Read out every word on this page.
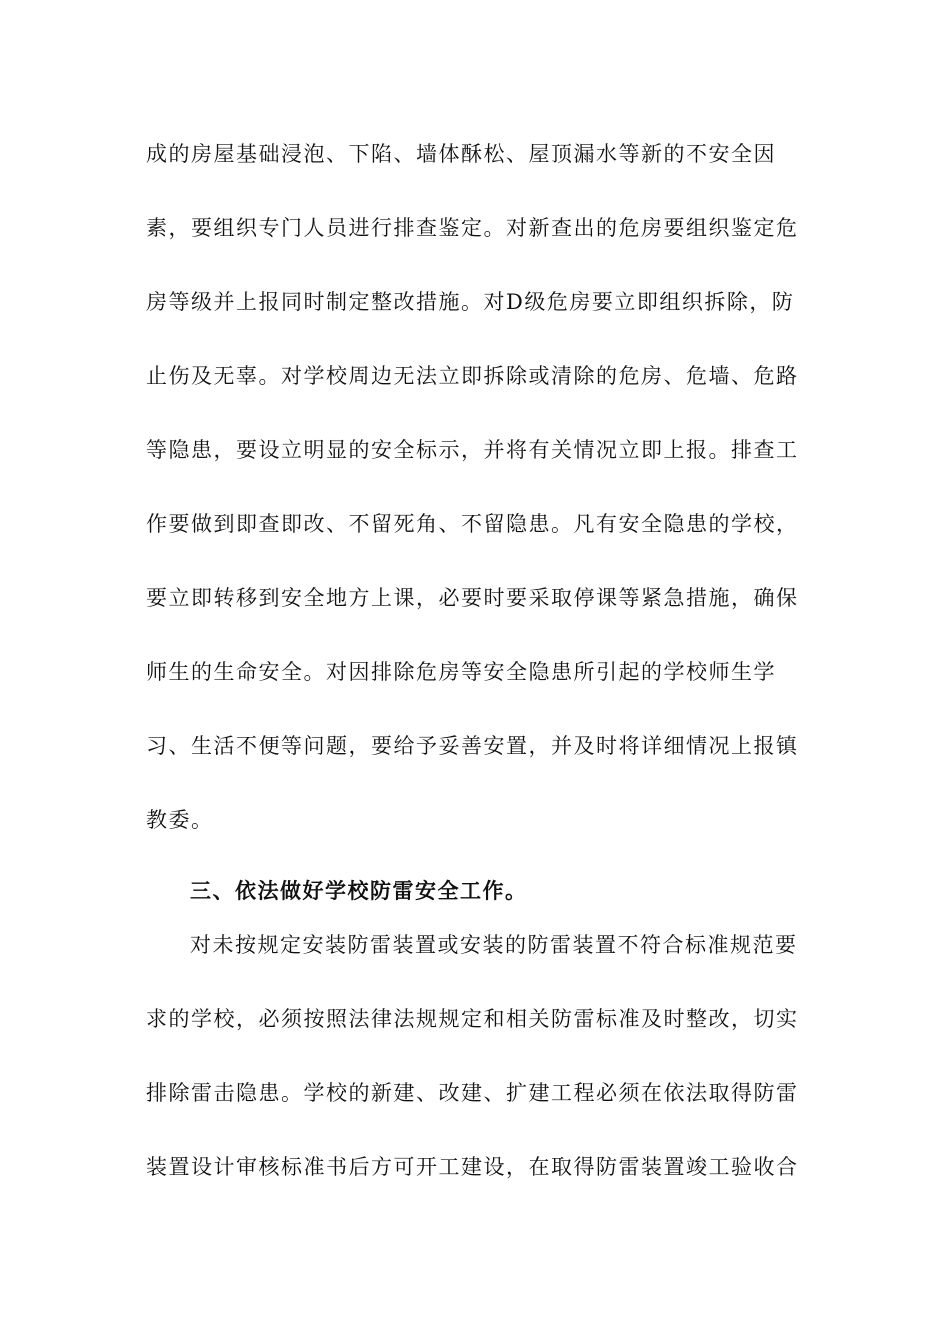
成的房屋基础浸泡、下陷、墙体酥松、屋顶漏水等新的不安全因
素，要组织专门人员进行排查鉴定。对新查出的危房要组织鉴定危
房等级并上报同时制定整改措施。对D级危房要立即组织拆除，防
止伤及无辜。对学校周边无法立即拆除或清除的危房、危墙、危路
等隐患，要设立明显的安全标示，并将有关情况立即上报。排查工
作要做到即查即改、不留死角、不留隐患。凡有安全隐患的学校，
要立即转移到安全地方上课，必要时要采取停课等紧急措施，确保
师生的生命安全。对因排除危房等安全隐患所引起的学校师生学
习、生活不便等问题，要给予妥善安置，并及时将详细情况上报镇
教委。
三、依法做好学校防雷安全工作。
对未按规定安装防雷装置或安装的防雷装置不符合标准规范要
求的学校，必须按照法律法规规定和相关防雷标准及时整改，切实
排除雷击隐患。学校的新建、改建、扩建工程必须在依法取得防雷
装置设计审核标准书后方可开工建设，在取得防雷装置竣工验收合
